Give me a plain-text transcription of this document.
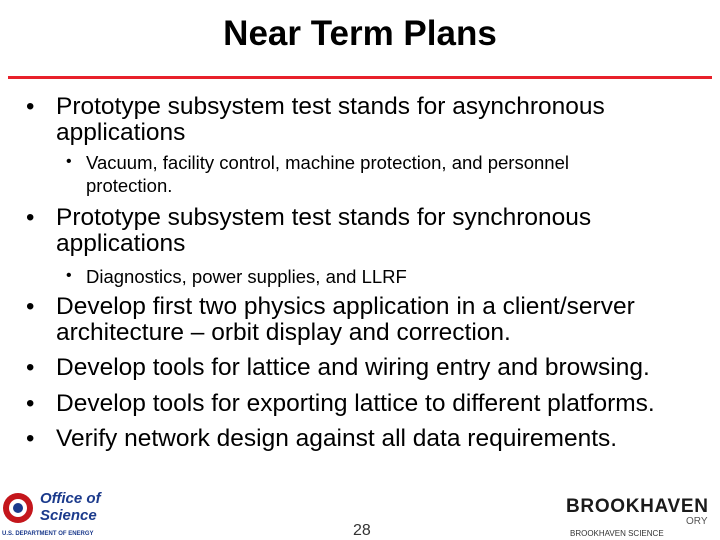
Near Term Plans
• Prototype subsystem test stands for asynchronous applications
• Vacuum, facility control, machine protection, and personnel protection.
• Prototype subsystem test stands for synchronous applications
• Diagnostics, power supplies, and LLRF
• Develop first two physics application in a client/server architecture – orbit display and correction.
• Develop tools for lattice and wiring entry and browsing.
• Develop tools for exporting lattice to different platforms.
• Verify network design against all data requirements.
Office of
Science
U.S. DEPARTMENT OF ENERGY
BROOKHAVEN
ORY
BROOKHAVEN SCIENCE
28
